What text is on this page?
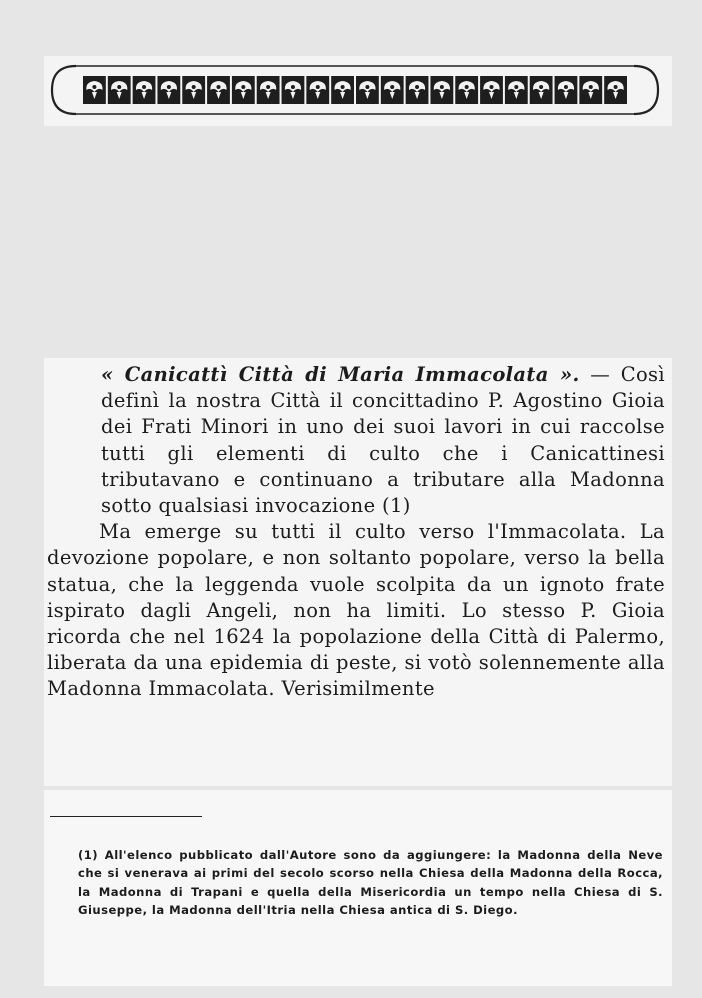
« Canicattì Città di Maria Immacolata ». — Così definì la nostra Città il concittadino P. Agostino Gioia dei Frati Minori in uno dei suoi lavori in cui raccolse tutti gli elementi di culto che i Canicattinesi tributavano e continuano a tributare alla Madonna sotto qualsiasi invocazione (1)

Ma emerge su tutti il culto verso l'Immacolata. La devozione popolare, e non soltanto popolare, verso la bella statua, che la leggenda vuole scolpita da un ignoto frate ispirato dagli Angeli, non ha limiti. Lo stesso P. Gioia ricorda che nel 1624 la popolazione della Città di Palermo, liberata da una epidemia di peste, si votò solennemente alla Madonna Immacolata. Verisimilmente

(1) All'elenco pubblicato dall'Autore sono da aggiungere: la Madonna della Neve che si venerava ai primi del secolo scorso nella Chiesa della Madonna della Rocca, la Madonna di Trapani e quella della Misericordia un tempo nella Chiesa di S. Giuseppe, la Madonna dell'Itria nella Chiesa antica di S. Diego.
